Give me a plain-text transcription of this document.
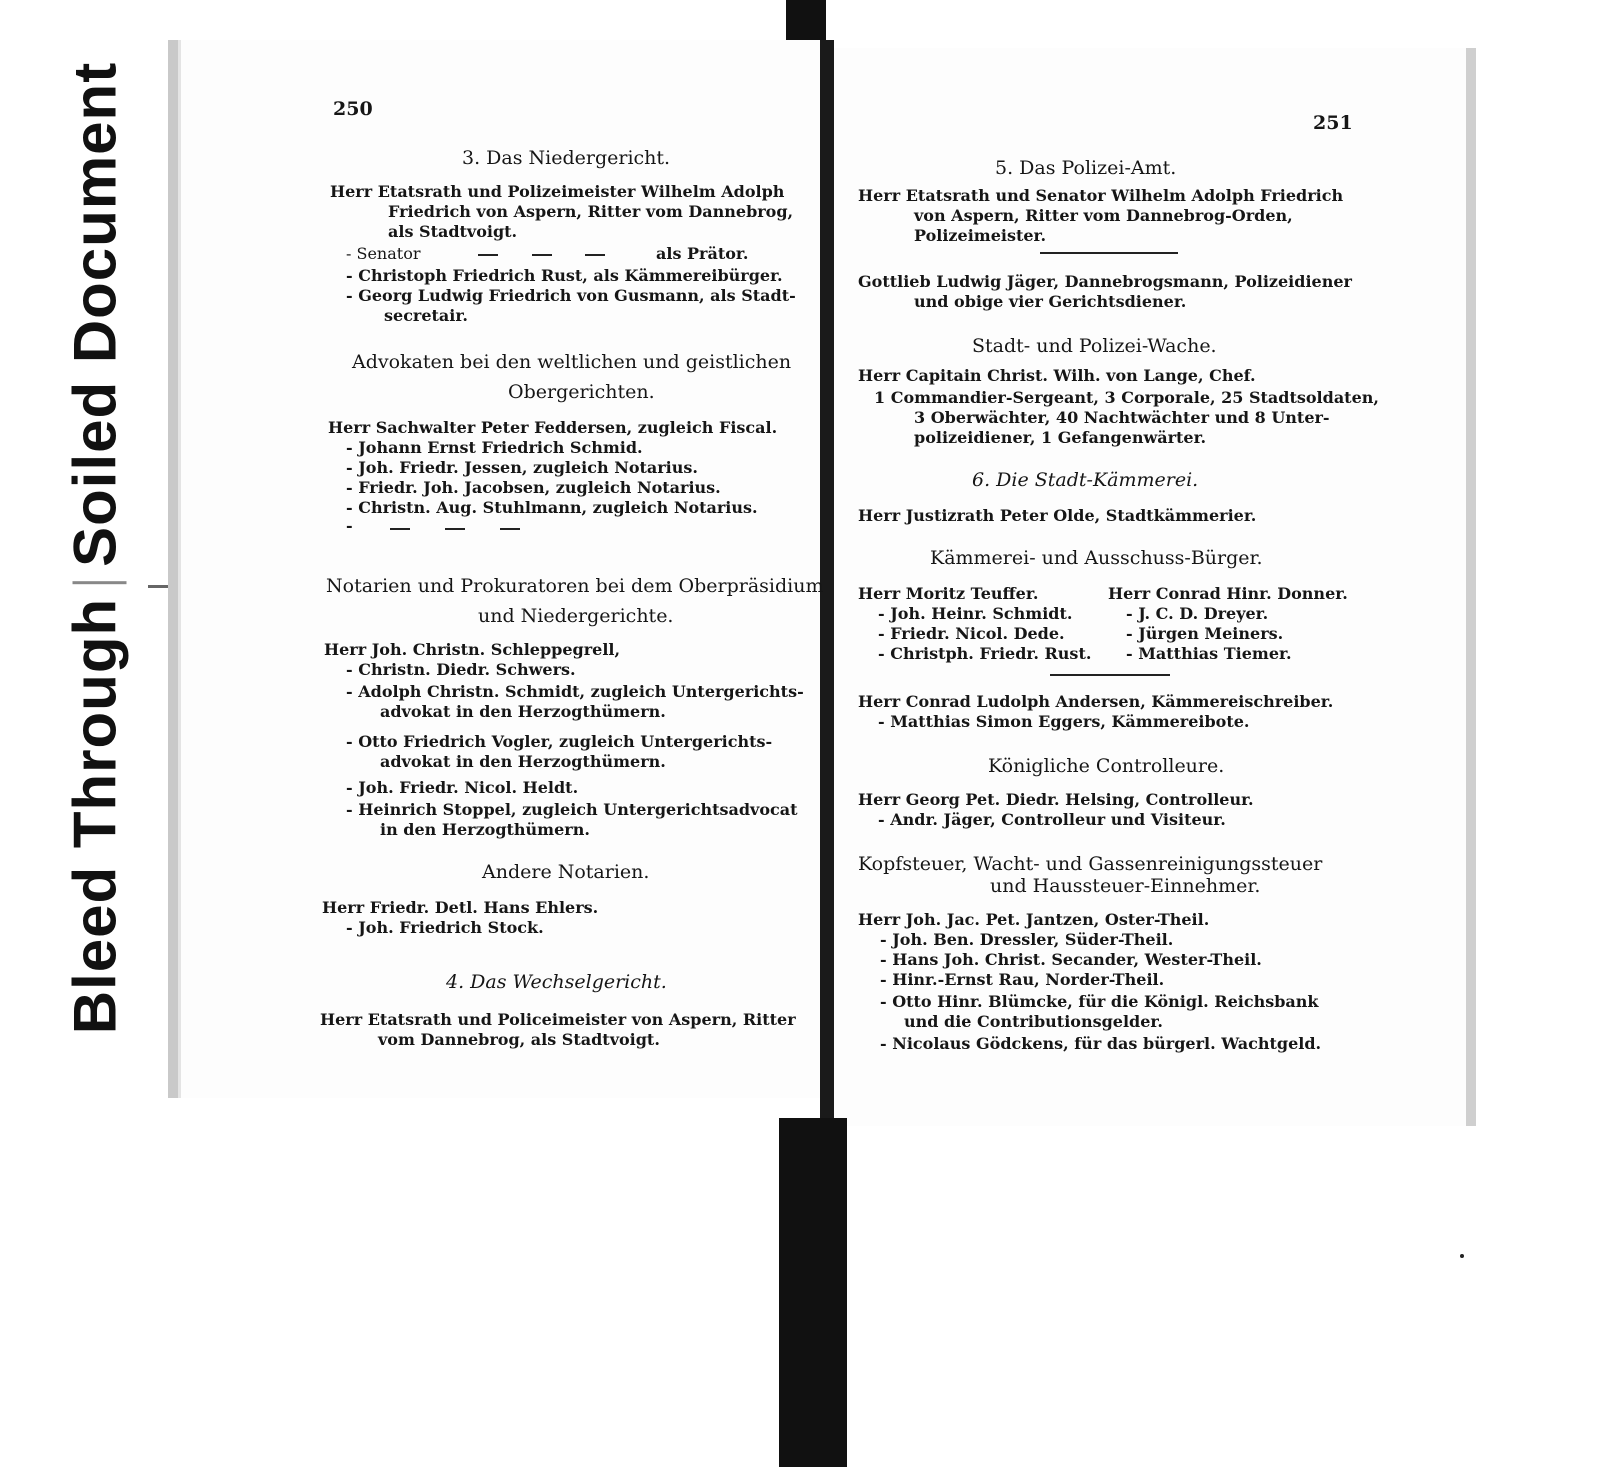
Bleed ThroughSoiled Document	250
3. Das Niedergericht.
Herr Etatsrath und Polizeimeister Wilhelm Adolph
Friedrich von Aspern, Ritter vom Dannebrog,
als Stadtvoigt.
- Senator	als Prätor.
- Christoph Friedrich Rust, als Kämmereibürger.
- Georg Ludwig Friedrich von Gusmann, als Stadt-
secretair.
Advokaten bei den weltlichen und geistlichen
Obergerichten.
Herr Sachwalter Peter Feddersen, zugleich Fiscal.
- Johann Ernst Friedrich Schmid.
- Joh. Friedr. Jessen, zugleich Notarius.
- Friedr. Joh. Jacobsen, zugleich Notarius.
- Christn. Aug. Stuhlmann, zugleich Notarius.
-
Notarien und Prokuratoren bei dem Oberpräsidium
und Niedergerichte.
Herr Joh. Christn. Schleppegrell,
- Christn. Diedr. Schwers.
- Adolph Christn. Schmidt, zugleich Untergerichts-
advokat in den Herzogthümern.
- Otto Friedrich Vogler, zugleich Untergerichts-
advokat in den Herzogthümern.
- Joh. Friedr. Nicol. Heldt.
- Heinrich Stoppel, zugleich Untergerichtsadvocat
in den Herzogthümern.
Andere Notarien.
Herr Friedr. Detl. Hans Ehlers.
- Joh. Friedrich Stock.
4. Das Wechselgericht.
Herr Etatsrath und Policeimeister von Aspern, Ritter
vom Dannebrog, als Stadtvoigt.
251
5. Das Polizei-Amt.
Herr Etatsrath und Senator Wilhelm Adolph Friedrich
von Aspern, Ritter vom Dannebrog-Orden,
Polizeimeister.
Gottlieb Ludwig Jäger, Dannebrogsmann, Polizeidiener
und obige vier Gerichtsdiener.
Stadt- und Polizei-Wache.
Herr Capitain Christ. Wilh. von Lange, Chef.
1 Commandier-Sergeant, 3 Corporale, 25 Stadtsoldaten,
3 Oberwächter, 40 Nachtwächter und 8 Unter-
polizeidiener, 1 Gefangenwärter.
6. Die Stadt-Kämmerei.
Herr Justizrath Peter Olde, Stadtkämmerier.
Kämmerei- und Ausschuss-Bürger.
Herr Moritz Teuffer.	Herr Conrad Hinr. Donner.
- Joh. Heinr. Schmidt.	- J. C. D. Dreyer.
- Friedr. Nicol. Dede.	- Jürgen Meiners.
- Christph. Friedr. Rust. - Matthias Tiemer.
Herr Conrad Ludolph Andersen, Kämmereischreiber.
- Matthias Simon Eggers, Kämmereibote.
Königliche Controlleure.
Herr Georg Pet. Diedr. Helsing, Controlleur.
- Andr. Jäger, Controlleur und Visiteur.
Kopfsteuer, Wacht- und Gassenreinigungssteuer
und Haussteuer-Einnehmer.
Herr Joh. Jac. Pet. Jantzen, Oster-Theil.
- Joh. Ben. Dressler, Süder-Theil.
- Hans Joh. Christ. Secander, Wester-Theil.
- Hinr.-Ernst Rau, Norder-Theil.
- Otto Hinr. Blümcke, für die Königl. Reichsbank
und die Contributionsgelder.
- Nicolaus Gödckens, für das bürgerl. Wachtgeld.
